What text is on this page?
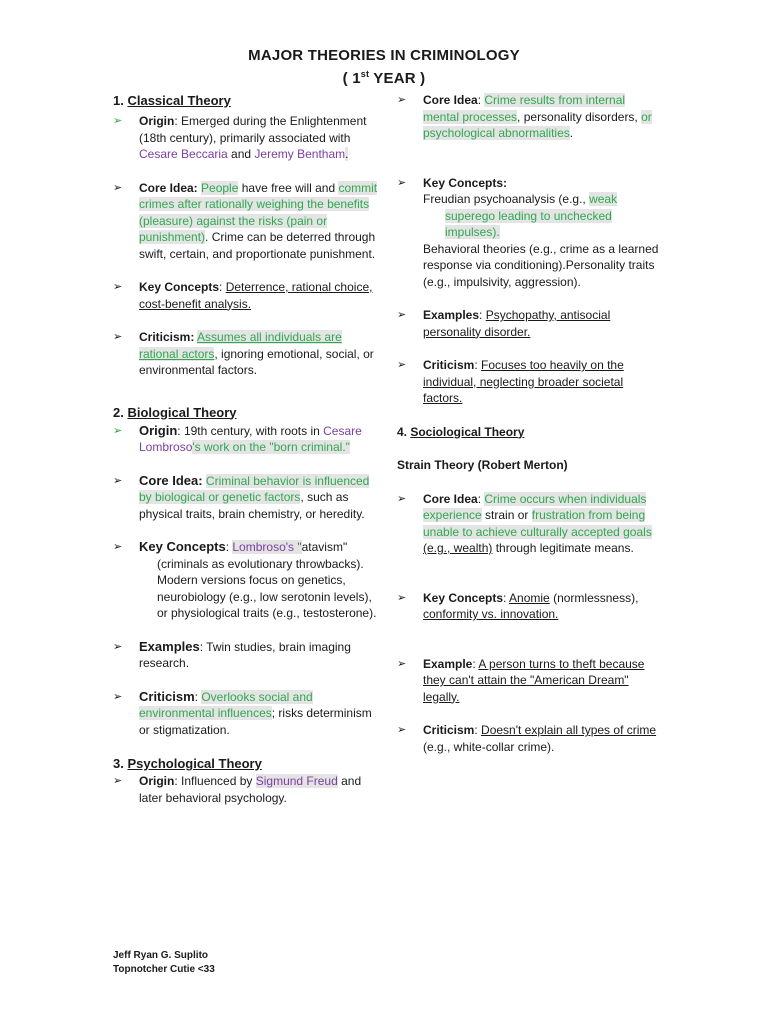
MAJOR THEORIES IN CRIMINOLOGY
( 1st YEAR )
1. Classical Theory
➢	Origin: Emerged during the Enlightenment (18th century), primarily associated with Cesare Beccaria and Jeremy Bentham.
➢	Core Idea: People have free will and commit crimes after rationally weighing the benefits (pleasure) against the risks (pain or punishment). Crime can be deterred through swift, certain, and proportionate punishment.
➢	Key Concepts: Deterrence, rational choice, cost-benefit analysis.
➢	Criticism: Assumes all individuals are rational actors, ignoring emotional, social, or environmental factors.
2. Biological Theory
➢	Origin: 19th century, with roots in Cesare Lombroso's work on the "born criminal."
➢	Core Idea: Criminal behavior is influenced by biological or genetic factors, such as physical traits, brain chemistry, or heredity.
➢	Key Concepts: Lombroso's "atavism"
(criminals as evolutionary throwbacks). Modern versions focus on genetics, neurobiology (e.g., low serotonin levels), or physiological traits (e.g., testosterone).
➢	Examples: Twin studies, brain imaging research.
➢	Criticism: Overlooks social and environmental influences; risks determinism or stigmatization.
3. Psychological Theory
➢	Origin: Influenced by Sigmund Freud and later behavioral psychology.
➢	Core Idea: Crime results from internal mental processes, personality disorders, or psychological abnormalities.
➢	Key Concepts:
Freudian psychoanalysis (e.g., weak
superego leading to unchecked impulses).
Behavioral theories (e.g., crime as a learned response via conditioning).Personality traits (e.g., impulsivity, aggression).
➢	Examples: Psychopathy, antisocial personality disorder.
➢	Criticism: Focuses too heavily on the individual, neglecting broader societal factors.
4. Sociological Theory
Strain Theory (Robert Merton)
➢	Core Idea: Crime occurs when individuals experience strain or frustration from being unable to achieve culturally accepted goals (e.g., wealth) through legitimate means.
➢	Key Concepts: Anomie (normlessness), conformity vs. innovation.
➢	Example: A person turns to theft because they can't attain the "American Dream" legally.
➢	Criticism: Doesn't explain all types of crime (e.g., white-collar crime).
Jeff Ryan G. Suplito
Topnotcher Cutie <33
